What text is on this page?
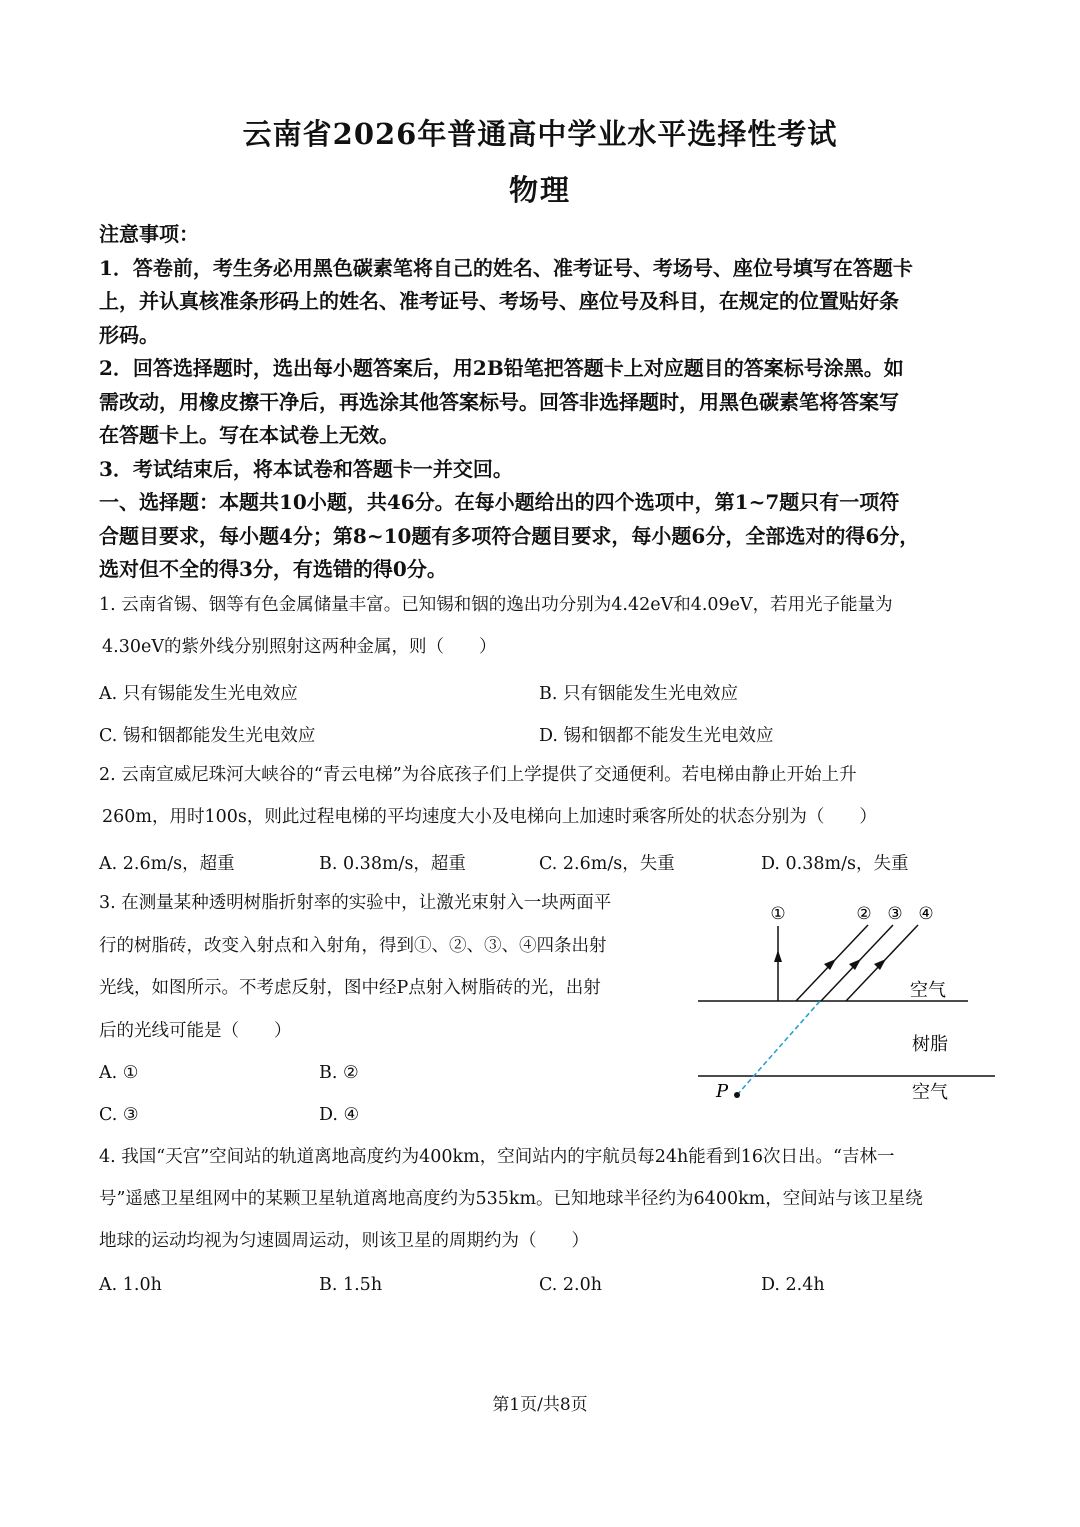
云南省2026年普通高中学业水平选择性考试
物理

注意事项：

1．答卷前，考生务必用黑色碳素笔将自己的姓名、准考证号、考场号、座位号填写在答题卡

上，并认真核准条形码上的姓名、准考证号、考场号、座位号及科目，在规定的位置贴好条

形码。

2．回答选择题时，选出每小题答案后，用2B铅笔把答题卡上对应题目的答案标号涂黑。如

需改动，用橡皮擦干净后，再选涂其他答案标号。回答非选择题时，用黑色碳素笔将答案写

在答题卡上。写在本试卷上无效。

3．考试结束后，将本试卷和答题卡一并交回。

一、选择题：本题共10小题，共46分。在每小题给出的四个选项中，第1~7题只有一项符

合题目要求，每小题4分；第8~10题有多项符合题目要求，每小题6分，全部选对的得6分，

选对但不全的得3分，有选错的得0分。

1. 云南省锡、铟等有色金属储量丰富。已知锡和铟的逸出功分别为4.42eV和4.09eV，若用光子能量为

4.30eV的紫外线分别照射这两种金属，则（　　）

A. 只有锡能发生光电效应	B. 只有铟能发生光电效应
C. 锡和铟都能发生光电效应	D. 锡和铟都不能发生光电效应

2. 云南宣威尼珠河大峡谷的“青云电梯”为谷底孩子们上学提供了交通便利。若电梯由静止开始上升

260m，用时100s，则此过程电梯的平均速度大小及电梯向上加速时乘客所处的状态分别为（　　）

A. 2.6m/s，超重	B. 0.38m/s，超重	C. 2.6m/s，失重	D. 0.38m/s，失重

3. 在测量某种透明树脂折射率的实验中，让激光束射入一块两面平

行的树脂砖，改变入射点和入射角，得到①、②、③、④四条出射

光线，如图所示。不考虑反射，图中经P点射入树脂砖的光，出射

后的光线可能是（　　）

A. ①	B. ②
C. ③	D. ④
①	② ③ ④
空气
树脂
空气
P

4. 我国“天宫”空间站的轨道离地高度约为400km，空间站内的宇航员每24h能看到16次日出。“吉林一

号”遥感卫星组网中的某颗卫星轨道离地高度约为535km。已知地球半径约为6400km，空间站与该卫星绕

地球的运动均视为匀速圆周运动，则该卫星的周期约为（　　）

A. 1.0h	B. 1.5h	C. 2.0h	D. 2.4h
第1页/共8页
